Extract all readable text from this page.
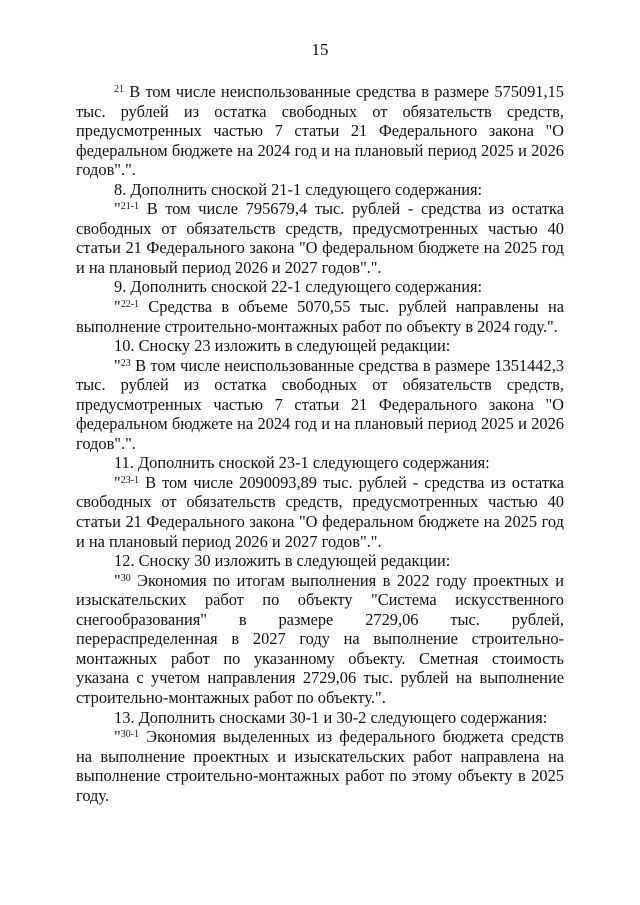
15

$^{21}$ В том числе неиспользованные средства в размере 575091,15 тыс. рублей из остатка свободных от обязательств средств, предусмотренных частью 7 статьи 21 Федерального закона "О федеральном бюджете на 2024 год и на плановый период 2025 и 2026 годов".".

8. Дополнить сноской 21-1 следующего содержания:

"$^{21-1}$ В том числе 795679,4 тыс. рублей - средства из остатка свободных от обязательств средств, предусмотренных частью 40 статьи 21 Федерального закона "О федеральном бюджете на 2025 год и на плановый период 2026 и 2027 годов".".

9. Дополнить сноской 22-1 следующего содержания:

"$^{22-1}$ Средства в объеме 5070,55 тыс. рублей направлены на выполнение строительно-монтажных работ по объекту в 2024 году.".

10. Сноску 23 изложить в следующей редакции:

"$^{23}$ В том числе неиспользованные средства в размере 1351442,3 тыс. рублей из остатка свободных от обязательств средств, предусмотренных частью 7 статьи 21 Федерального закона "О федеральном бюджете на 2024 год и на плановый период 2025 и 2026 годов".".

11. Дополнить сноской 23-1 следующего содержания:

"$^{23-1}$ В том числе 2090093,89 тыс. рублей - средства из остатка свободных от обязательств средств, предусмотренных частью 40 статьи 21 Федерального закона "О федеральном бюджете на 2025 год и на плановый период 2026 и 2027 годов".".

12. Сноску 30 изложить в следующей редакции:

"$^{30}$ Экономия по итогам выполнения в 2022 году проектных и изыскательских работ по объекту "Система искусственного снегообразования" в размере 2729,06 тыс. рублей, перераспределенная в 2027 году на выполнение строительно-монтажных работ по указанному объекту. Сметная стоимость указана с учетом направления 2729,06 тыс. рублей на выполнение строительно-монтажных работ по объекту.".

13. Дополнить сносками 30-1 и 30-2 следующего содержания:

"$^{30-1}$ Экономия выделенных из федерального бюджета средств на выполнение проектных и изыскательских работ направлена на выполнение строительно-монтажных работ по этому объекту в 2025 году.
